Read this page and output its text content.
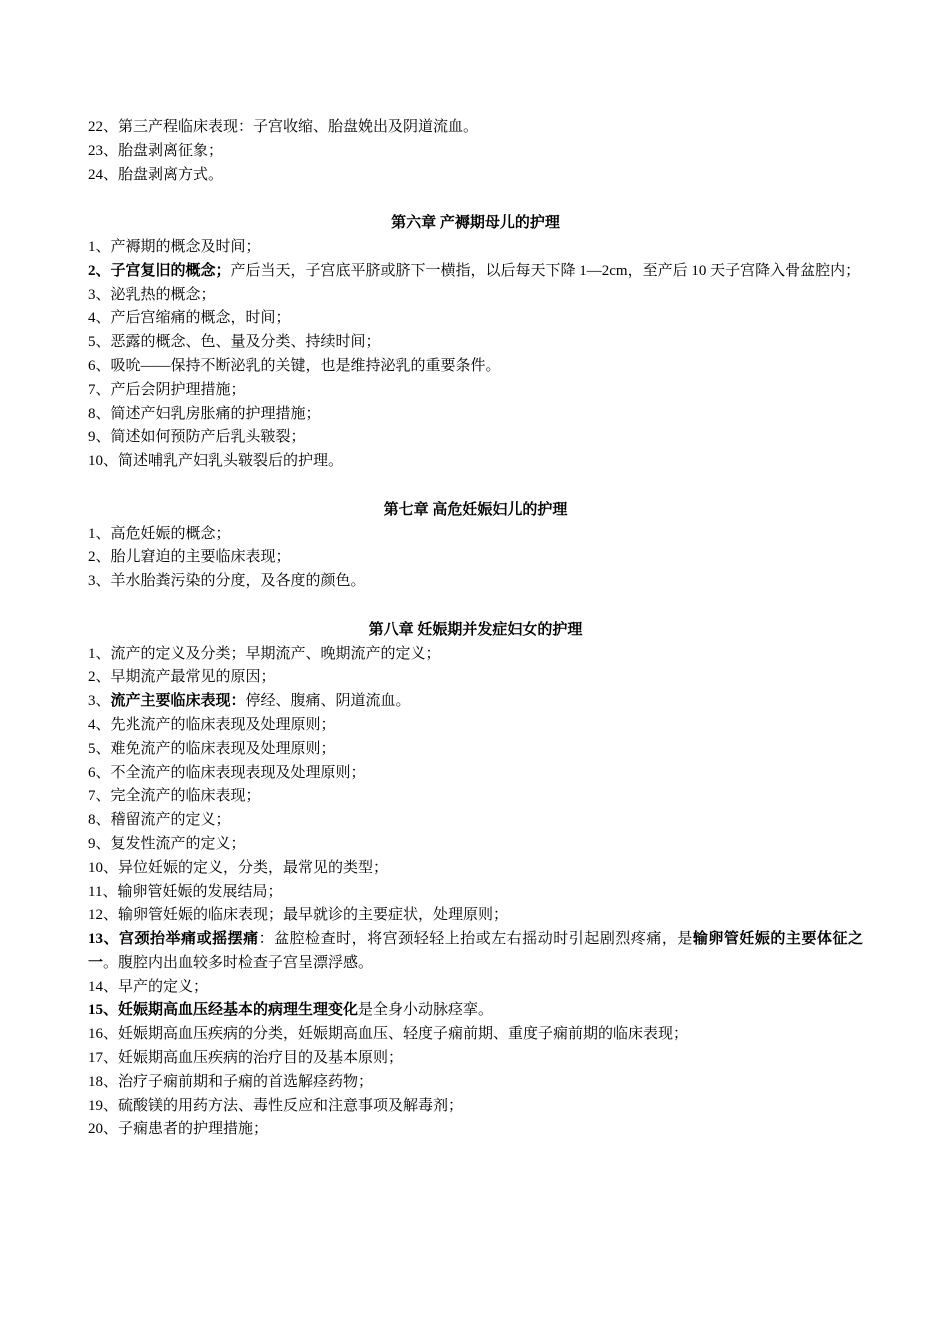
22、第三产程临床表现：子宫收缩、胎盘娩出及阴道流血。
23、胎盘剥离征象；
24、胎盘剥离方式。
第六章 产褥期母儿的护理
1、产褥期的概念及时间；
2、子宫复旧的概念；产后当天，子宫底平脐或脐下一横指，以后每天下降 1—2cm，至产后 10 天子宫降入骨盆腔内；
3、泌乳热的概念；
4、产后宫缩痛的概念，时间；
5、恶露的概念、色、量及分类、持续时间；
6、吸吮——保持不断泌乳的关键，也是维持泌乳的重要条件。
7、产后会阴护理措施；
8、简述产妇乳房胀痛的护理措施；
9、简述如何预防产后乳头皲裂；
10、简述哺乳产妇乳头皲裂后的护理。
第七章 高危妊娠妇儿的护理
1、高危妊娠的概念；
2、胎儿窘迫的主要临床表现；
3、羊水胎粪污染的分度，及各度的颜色。
第八章 妊娠期并发症妇女的护理
1、流产的定义及分类；早期流产、晚期流产的定义；
2、早期流产最常见的原因；
3、流产主要临床表现：停经、腹痛、阴道流血。
4、先兆流产的临床表现及处理原则；
5、难免流产的临床表现及处理原则；
6、不全流产的临床表现表现及处理原则；
7、完全流产的临床表现；
8、稽留流产的定义；
9、复发性流产的定义；
10、异位妊娠的定义，分类，最常见的类型；
11、输卵管妊娠的发展结局；
12、输卵管妊娠的临床表现；最早就诊的主要症状，处理原则；
13、宫颈抬举痛或摇摆痛：盆腔检查时，将宫颈轻轻上抬或左右摇动时引起剧烈疼痛，是输卵管妊娠的主要体征之一。腹腔内出血较多时检查子宫呈漂浮感。
14、早产的定义；
15、妊娠期高血压经基本的病理生理变化是全身小动脉痉挛。
16、妊娠期高血压疾病的分类，妊娠期高血压、轻度子痫前期、重度子痫前期的临床表现；
17、妊娠期高血压疾病的治疗目的及基本原则；
18、治疗子痫前期和子痫的首选解痉药物；
19、硫酸镁的用药方法、毒性反应和注意事项及解毒剂；
20、子痫患者的护理措施；
